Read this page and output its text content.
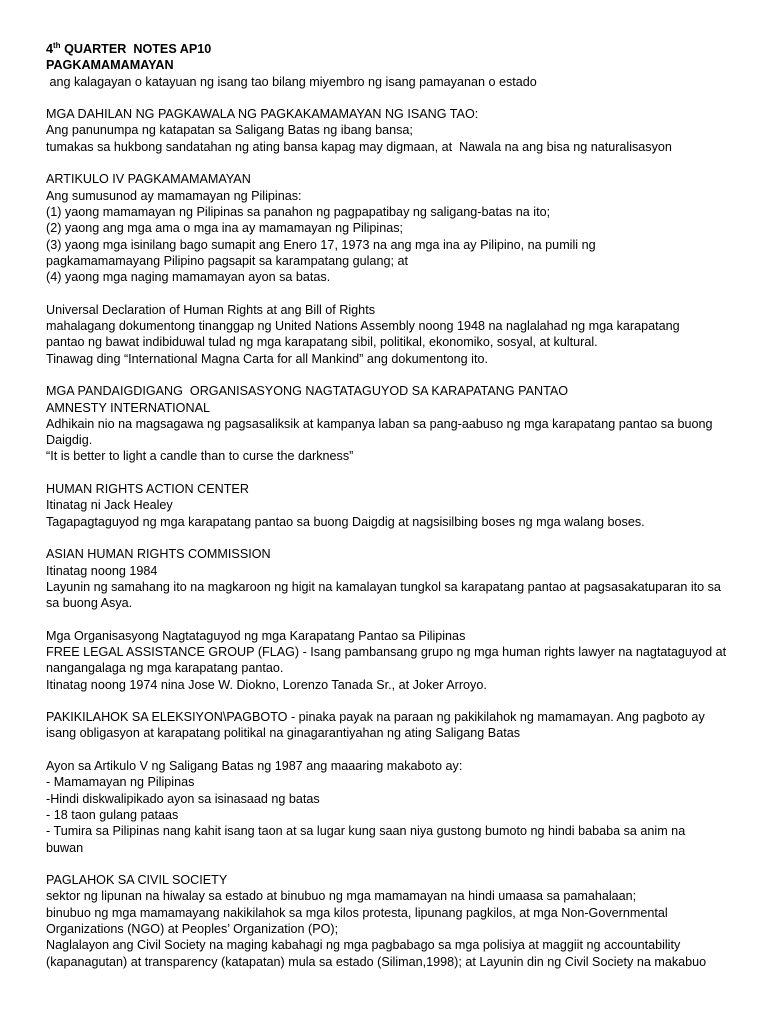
4th QUARTER  NOTES AP10
PAGKAMAMAMAYAN
ang kalagayan o katayuan ng isang tao bilang miyembro ng isang pamayanan o estado
MGA DAHILAN NG PAGKAWALA NG PAGKAKAMAMAYAN NG ISANG TAO:
Ang panunumpa ng katapatan sa Saligang Batas ng ibang bansa;
tumakas sa hukbong sandatahan ng ating bansa kapag may digmaan, at  Nawala na ang bisa ng naturalisasyon
ARTIKULO IV PAGKAMAMAMAYAN
Ang sumusunod ay mamamayan ng Pilipinas:
(1) yaong mamamayan ng Pilipinas sa panahon ng pagpapatibay ng saligang-batas na ito;
(2) yaong ang mga ama o mga ina ay mamamayan ng Pilipinas;
(3) yaong mga isinilang bago sumapit ang Enero 17, 1973 na ang mga ina ay Pilipino, na pumili ng
pagkamamamayang Pilipino pagsapit sa karampatang gulang; at
(4) yaong mga naging mamamayan ayon sa batas.
Universal Declaration of Human Rights at ang Bill of Rights
mahalagang dokumentong tinanggap ng United Nations Assembly noong 1948 na naglalahad ng mga karapatang
pantao ng bawat indibiduwal tulad ng mga karapatang sibil, politikal, ekonomiko, sosyal, at kultural.
Tinawag ding “International Magna Carta for all Mankind” ang dokumentong ito.
MGA PANDAIGDIGANG  ORGANISASYONG NAGTATAGUYOD SA KARAPATANG PANTAO
AMNESTY INTERNATIONAL
Adhikain nio na magsagawa ng pagsasaliksik at kampanya laban sa pang-aabuso ng mga karapatang pantao sa buong
Daigdig.
“It is better to light a candle than to curse the darkness”
HUMAN RIGHTS ACTION CENTER
Itinatag ni Jack Healey
Tagapagtaguyod ng mga karapatang pantao sa buong Daigdig at nagsisilbing boses ng mga walang boses.
ASIAN HUMAN RIGHTS COMMISSION
Itinatag noong 1984
Layunin ng samahang ito na magkaroon ng higit na kamalayan tungkol sa karapatang pantao at pagsasakatuparan ito sa
sa buong Asya.
Mga Organisasyong Nagtataguyod ng mga Karapatang Pantao sa Pilipinas
FREE LEGAL ASSISTANCE GROUP (FLAG) - Isang pambansang grupo ng mga human rights lawyer na nagtataguyod at
nangangalaga ng mga karapatang pantao.
Itinatag noong 1974 nina Jose W. Diokno, Lorenzo Tanada Sr., at Joker Arroyo.
PAKIKILAHOK SA ELEKSIYON\PAGBOTO - pinaka payak na paraan ng pakikilahok ng mamamayan. Ang pagboto ay
isang obligasyon at karapatang politikal na ginagarantiyahan ng ating Saligang Batas
Ayon sa Artikulo V ng Saligang Batas ng 1987 ang maaaring makaboto ay:
- Mamamayan ng Pilipinas
-Hindi diskwalipikado ayon sa isinasaad ng batas
- 18 taon gulang pataas
- Tumira sa Pilipinas nang kahit isang taon at sa lugar kung saan niya gustong bumoto ng hindi bababa sa anim na
buwan
PAGLAHOK SA CIVIL SOCIETY
sektor ng lipunan na hiwalay sa estado at binubuo ng mga mamamayan na hindi umaasa sa pamahalaan;
binubuo ng mga mamamayang nakikilahok sa mga kilos protesta, lipunang pagkilos, at mga Non-Governmental
Organizations (NGO) at Peoples’ Organization (PO);
Naglalayon ang Civil Society na maging kabahagi ng mga pagbabago sa mga polisiya at maggiit ng accountability
(kapanagutan) at transparency (katapatan) mula sa estado (Siliman,1998); at Layunin din ng Civil Society na makabuo
